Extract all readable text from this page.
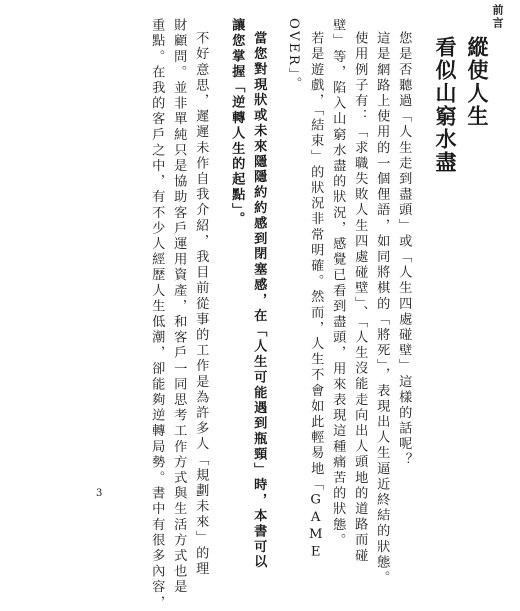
前言
縱使人生
看似山窮水盡
您是否聽過「人生走到盡頭」或「人生四處碰壁」這樣的話呢？
這是網路上使用的一個俚語，如同將棋的「將死」，表現出人生逼近終結的狀態。
使用例子有：「求職失敗人生四處碰壁」、「人生沒能走向出人頭地的道路而碰
壁」等，陷入山窮水盡的狀況，感覺已看到盡頭，用來表現這種痛苦的狀態。
若是遊戲，「結束」的狀況非常明確。然而，人生不會如此輕易地「GAME
OVER」。
當您對現狀或未來隱隱約約感到閉塞感，在「人生可能遇到瓶頸」時，本書可以
讓您掌握「逆轉人生的起點」。
不好意思，遲遲未作自我介紹，我目前從事的工作是為許多人「規劃未來」的理
財顧問。並非單純只是協助客戶運用資產，和客戶一同思考工作方式與生活方式也是
重點。在我的客戶之中，有不少人經歷人生低潮，卻能夠逆轉局勢。書中有很多內容，
3
